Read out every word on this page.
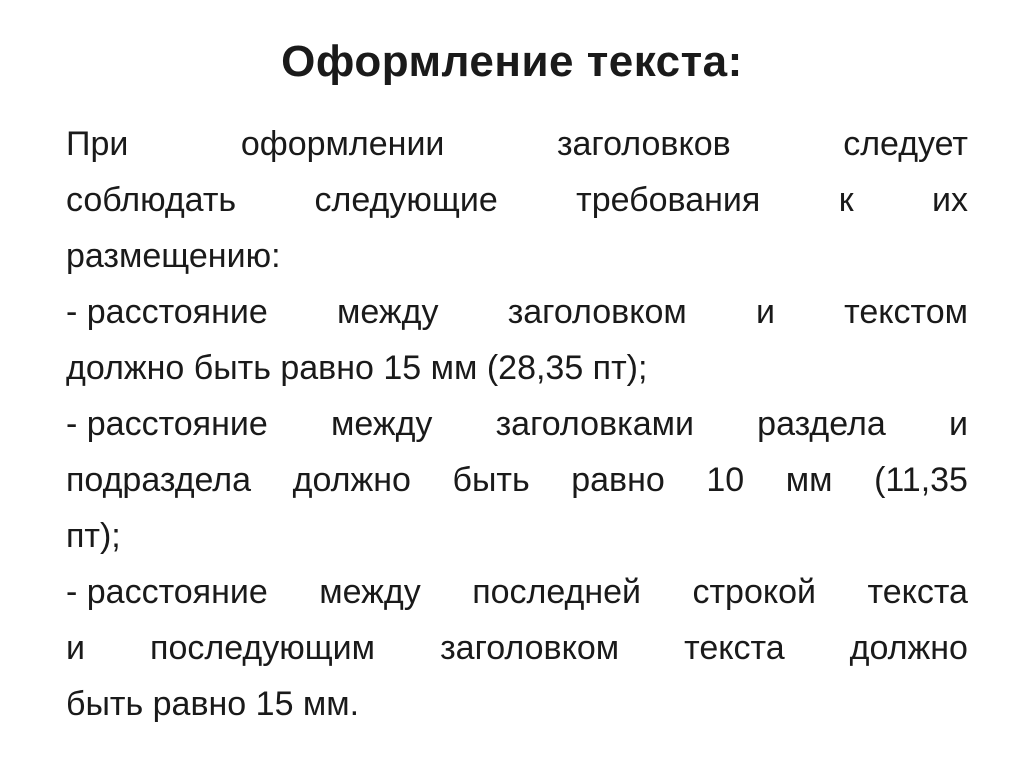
Оформление текста:
При	оформлении	заголовков	следует
соблюдать следующие требования к их
размещению:
- расстояние между заголовком и текстом
должно быть равно 15 мм (28,35 пт);
- расстояние между заголовками раздела и
подраздела должно быть равно 10 мм (11,35
пт);
- расстояние между последней строкой текста
и последующим заголовком текста должно
быть равно 15 мм.
